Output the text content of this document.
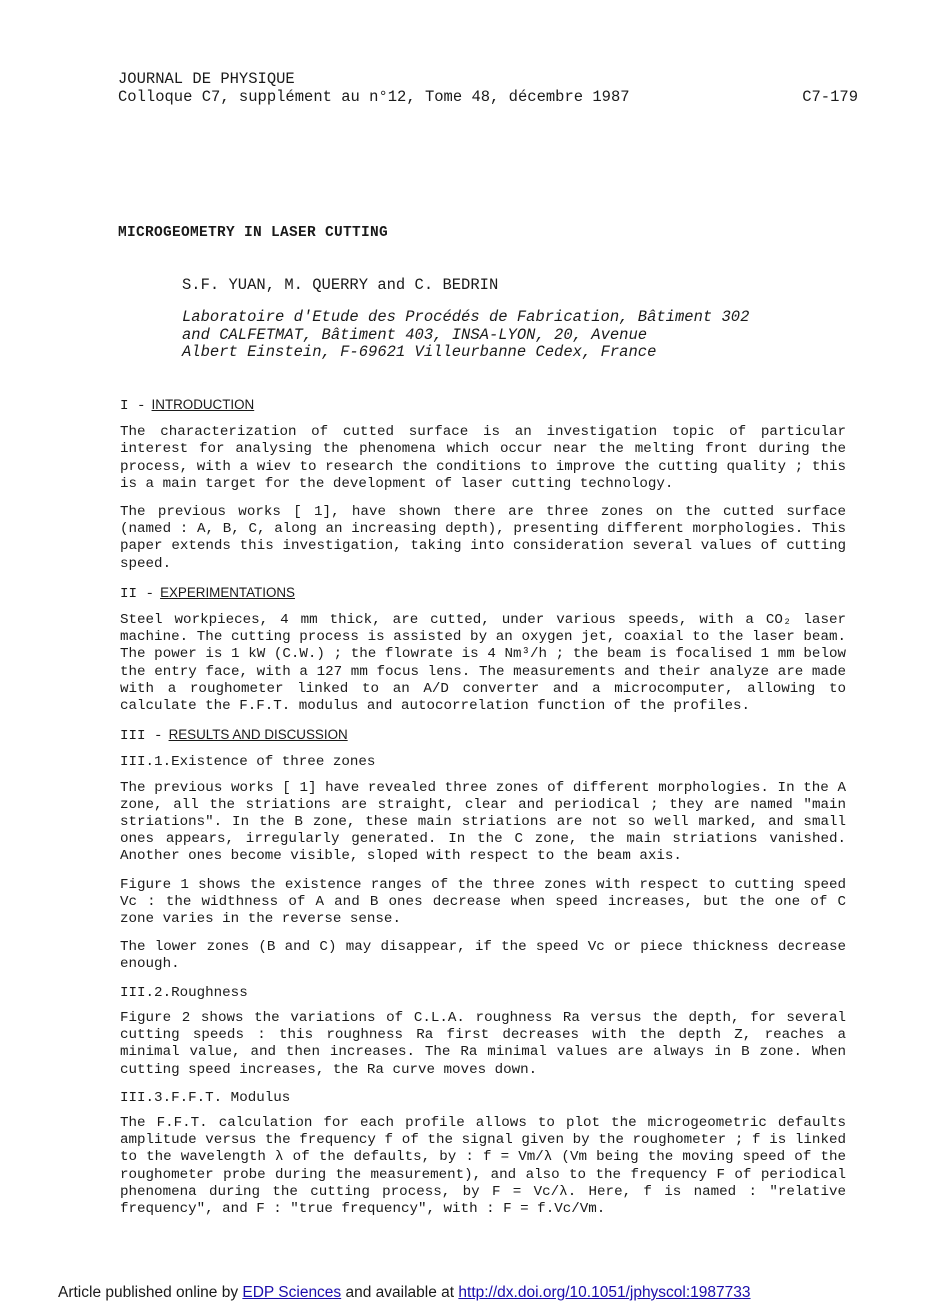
JOURNAL DE PHYSIQUE
Colloque C7, supplément au n°12, Tome 48, décembre 1987	C7-179
MICROGEOMETRY IN LASER CUTTING
S.F. YUAN, M. QUERRY and C. BEDRIN
Laboratoire d'Etude des Procédés de Fabrication, Bâtiment 302
and CALFETMAT, Bâtiment 403, INSA-LYON, 20, Avenue
Albert Einstein, F-69621 Villeurbanne Cedex, France
I - INTRODUCTION

The characterization of cutted surface is an investigation topic of particular interest for analysing the phenomena which occur near the melting front during the process, with a wiev to research the conditions to improve the cutting quality ; this is a main target for the development of laser cutting technology.

The previous works [ 1], have shown there are three zones on the cutted surface (named : A, B, C, along an increasing depth), presenting different morphologies. This paper extends this investigation, taking into consideration several values of cutting speed.

II - EXPERIMENTATIONS

Steel workpieces, 4 mm thick, are cutted, under various speeds, with a CO₂ laser machine. The cutting process is assisted by an oxygen jet, coaxial to the laser beam. The power is 1 kW (C.W.) ; the flowrate is 4 Nm³/h ; the beam is focalised 1 mm below the entry face, with a 127 mm focus lens. The measurements and their analyze are made with a roughometer linked to an A/D converter and a microcomputer, allowing to calculate the F.F.T. modulus and autocorrelation function of the profiles.

III - RESULTS AND DISCUSSION
III.1.Existence of three zones

The previous works [ 1] have revealed three zones of different morphologies. In the A zone, all the striations are straight, clear and periodical ; they are named "main striations". In the B zone, these main striations are not so well marked, and small ones appears, irregularly generated. In the C zone, the main striations vanished. Another ones become visible, sloped with respect to the beam axis.

Figure 1 shows the existence ranges of the three zones with respect to cutting speed Vc : the widthness of A and B ones decrease when speed increases, but the one of C zone varies in the reverse sense.

The lower zones (B and C) may disappear, if the speed Vc or piece thickness decrease enough.

III.2.Roughness

Figure 2 shows the variations of C.L.A. roughness Ra versus the depth, for several cutting speeds : this roughness Ra first decreases with the depth Z, reaches a minimal value, and then increases. The Ra minimal values are always in B zone. When cutting speed increases, the Ra curve moves down.

III.3.F.F.T. Modulus

The F.F.T. calculation for each profile allows to plot the microgeometric defaults amplitude versus the frequency f of the signal given by the roughometer ; f is linked to the wavelength λ of the defaults, by : f = Vm/λ (Vm being the moving speed of the roughometer probe during the measurement), and also to the frequency F of periodical phenomena during the cutting process, by F = Vc/λ. Here, f is named : "relative frequency", and F : "true frequency", with : F = f.Vc/Vm.

Article published online by EDP Sciences and available at http://dx.doi.org/10.1051/jphyscol:1987733
